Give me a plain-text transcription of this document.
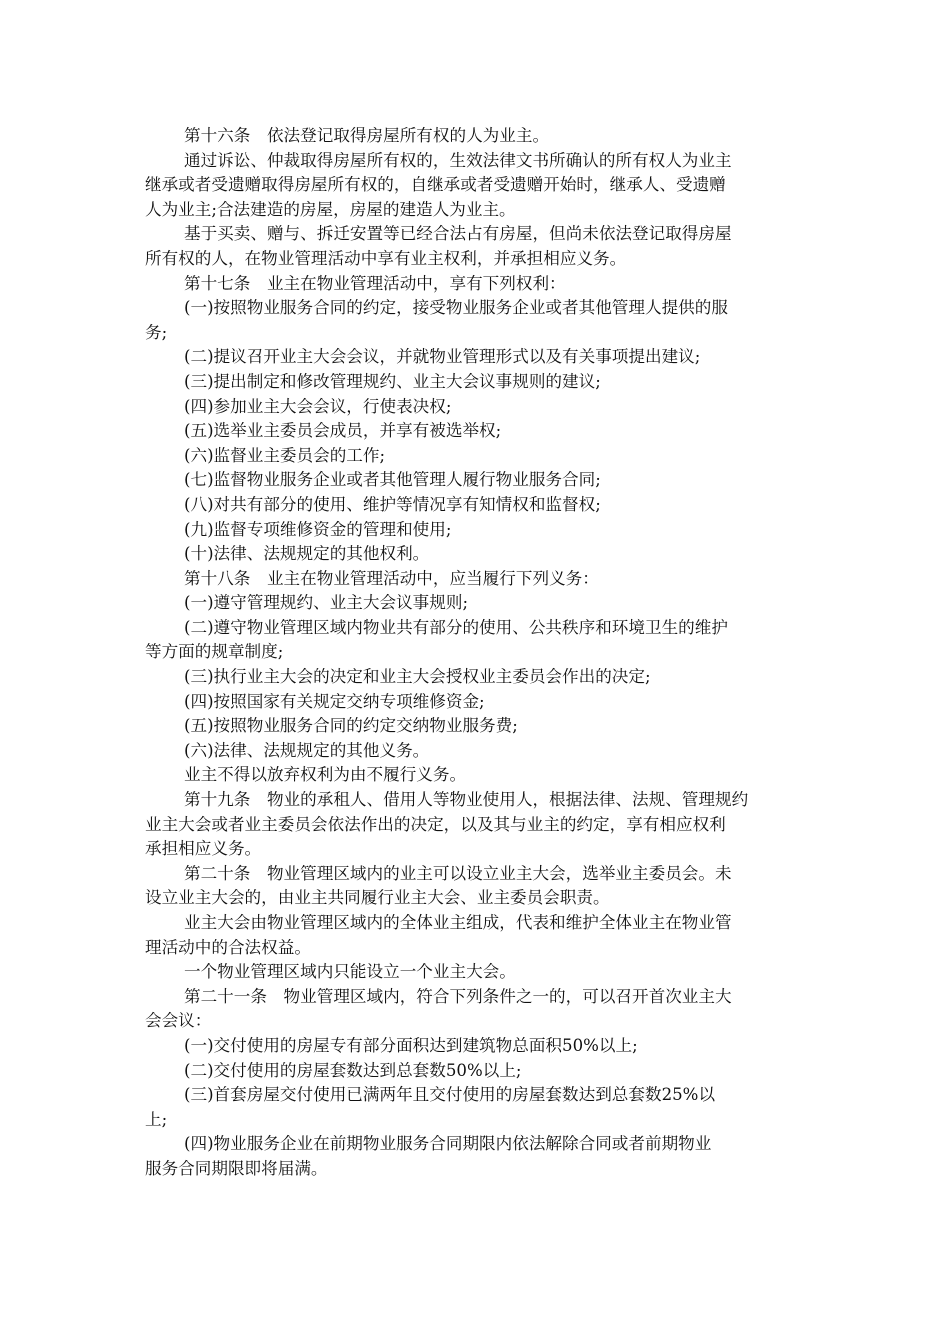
第十六条　依法登记取得房屋所有权的人为业主。
通过诉讼、仲裁取得房屋所有权的，生效法律文书所确认的所有权人为业主
继承或者受遗赠取得房屋所有权的，自继承或者受遗赠开始时，继承人、受遗赠
人为业主;合法建造的房屋，房屋的建造人为业主。
基于买卖、赠与、拆迁安置等已经合法占有房屋，但尚未依法登记取得房屋
所有权的人，在物业管理活动中享有业主权利，并承担相应义务。
第十七条　业主在物业管理活动中，享有下列权利：
(一)按照物业服务合同的约定，接受物业服务企业或者其他管理人提供的服
务;
(二)提议召开业主大会会议，并就物业管理形式以及有关事项提出建议;
(三)提出制定和修改管理规约、业主大会议事规则的建议;
(四)参加业主大会会议，行使表决权;
(五)选举业主委员会成员，并享有被选举权;
(六)监督业主委员会的工作;
(七)监督物业服务企业或者其他管理人履行物业服务合同;
(八)对共有部分的使用、维护等情况享有知情权和监督权;
(九)监督专项维修资金的管理和使用;
(十)法律、法规规定的其他权利。
第十八条　业主在物业管理活动中，应当履行下列义务：
(一)遵守管理规约、业主大会议事规则;
(二)遵守物业管理区域内物业共有部分的使用、公共秩序和环境卫生的维护
等方面的规章制度;
(三)执行业主大会的决定和业主大会授权业主委员会作出的决定;
(四)按照国家有关规定交纳专项维修资金;
(五)按照物业服务合同的约定交纳物业服务费;
(六)法律、法规规定的其他义务。
业主不得以放弃权利为由不履行义务。
第十九条　物业的承租人、借用人等物业使用人，根据法律、法规、管理规约
业主大会或者业主委员会依法作出的决定，以及其与业主的约定，享有相应权利
承担相应义务。
第二十条　物业管理区域内的业主可以设立业主大会，选举业主委员会。未
设立业主大会的，由业主共同履行业主大会、业主委员会职责。
业主大会由物业管理区域内的全体业主组成，代表和维护全体业主在物业管
理活动中的合法权益。
一个物业管理区域内只能设立一个业主大会。
第二十一条　物业管理区域内，符合下列条件之一的，可以召开首次业主大
会会议：
(一)交付使用的房屋专有部分面积达到建筑物总面积50%以上;
(二)交付使用的房屋套数达到总套数50%以上;
(三)首套房屋交付使用已满两年且交付使用的房屋套数达到总套数25%以
上;
(四)物业服务企业在前期物业服务合同期限内依法解除合同或者前期物业
服务合同期限即将届满。
